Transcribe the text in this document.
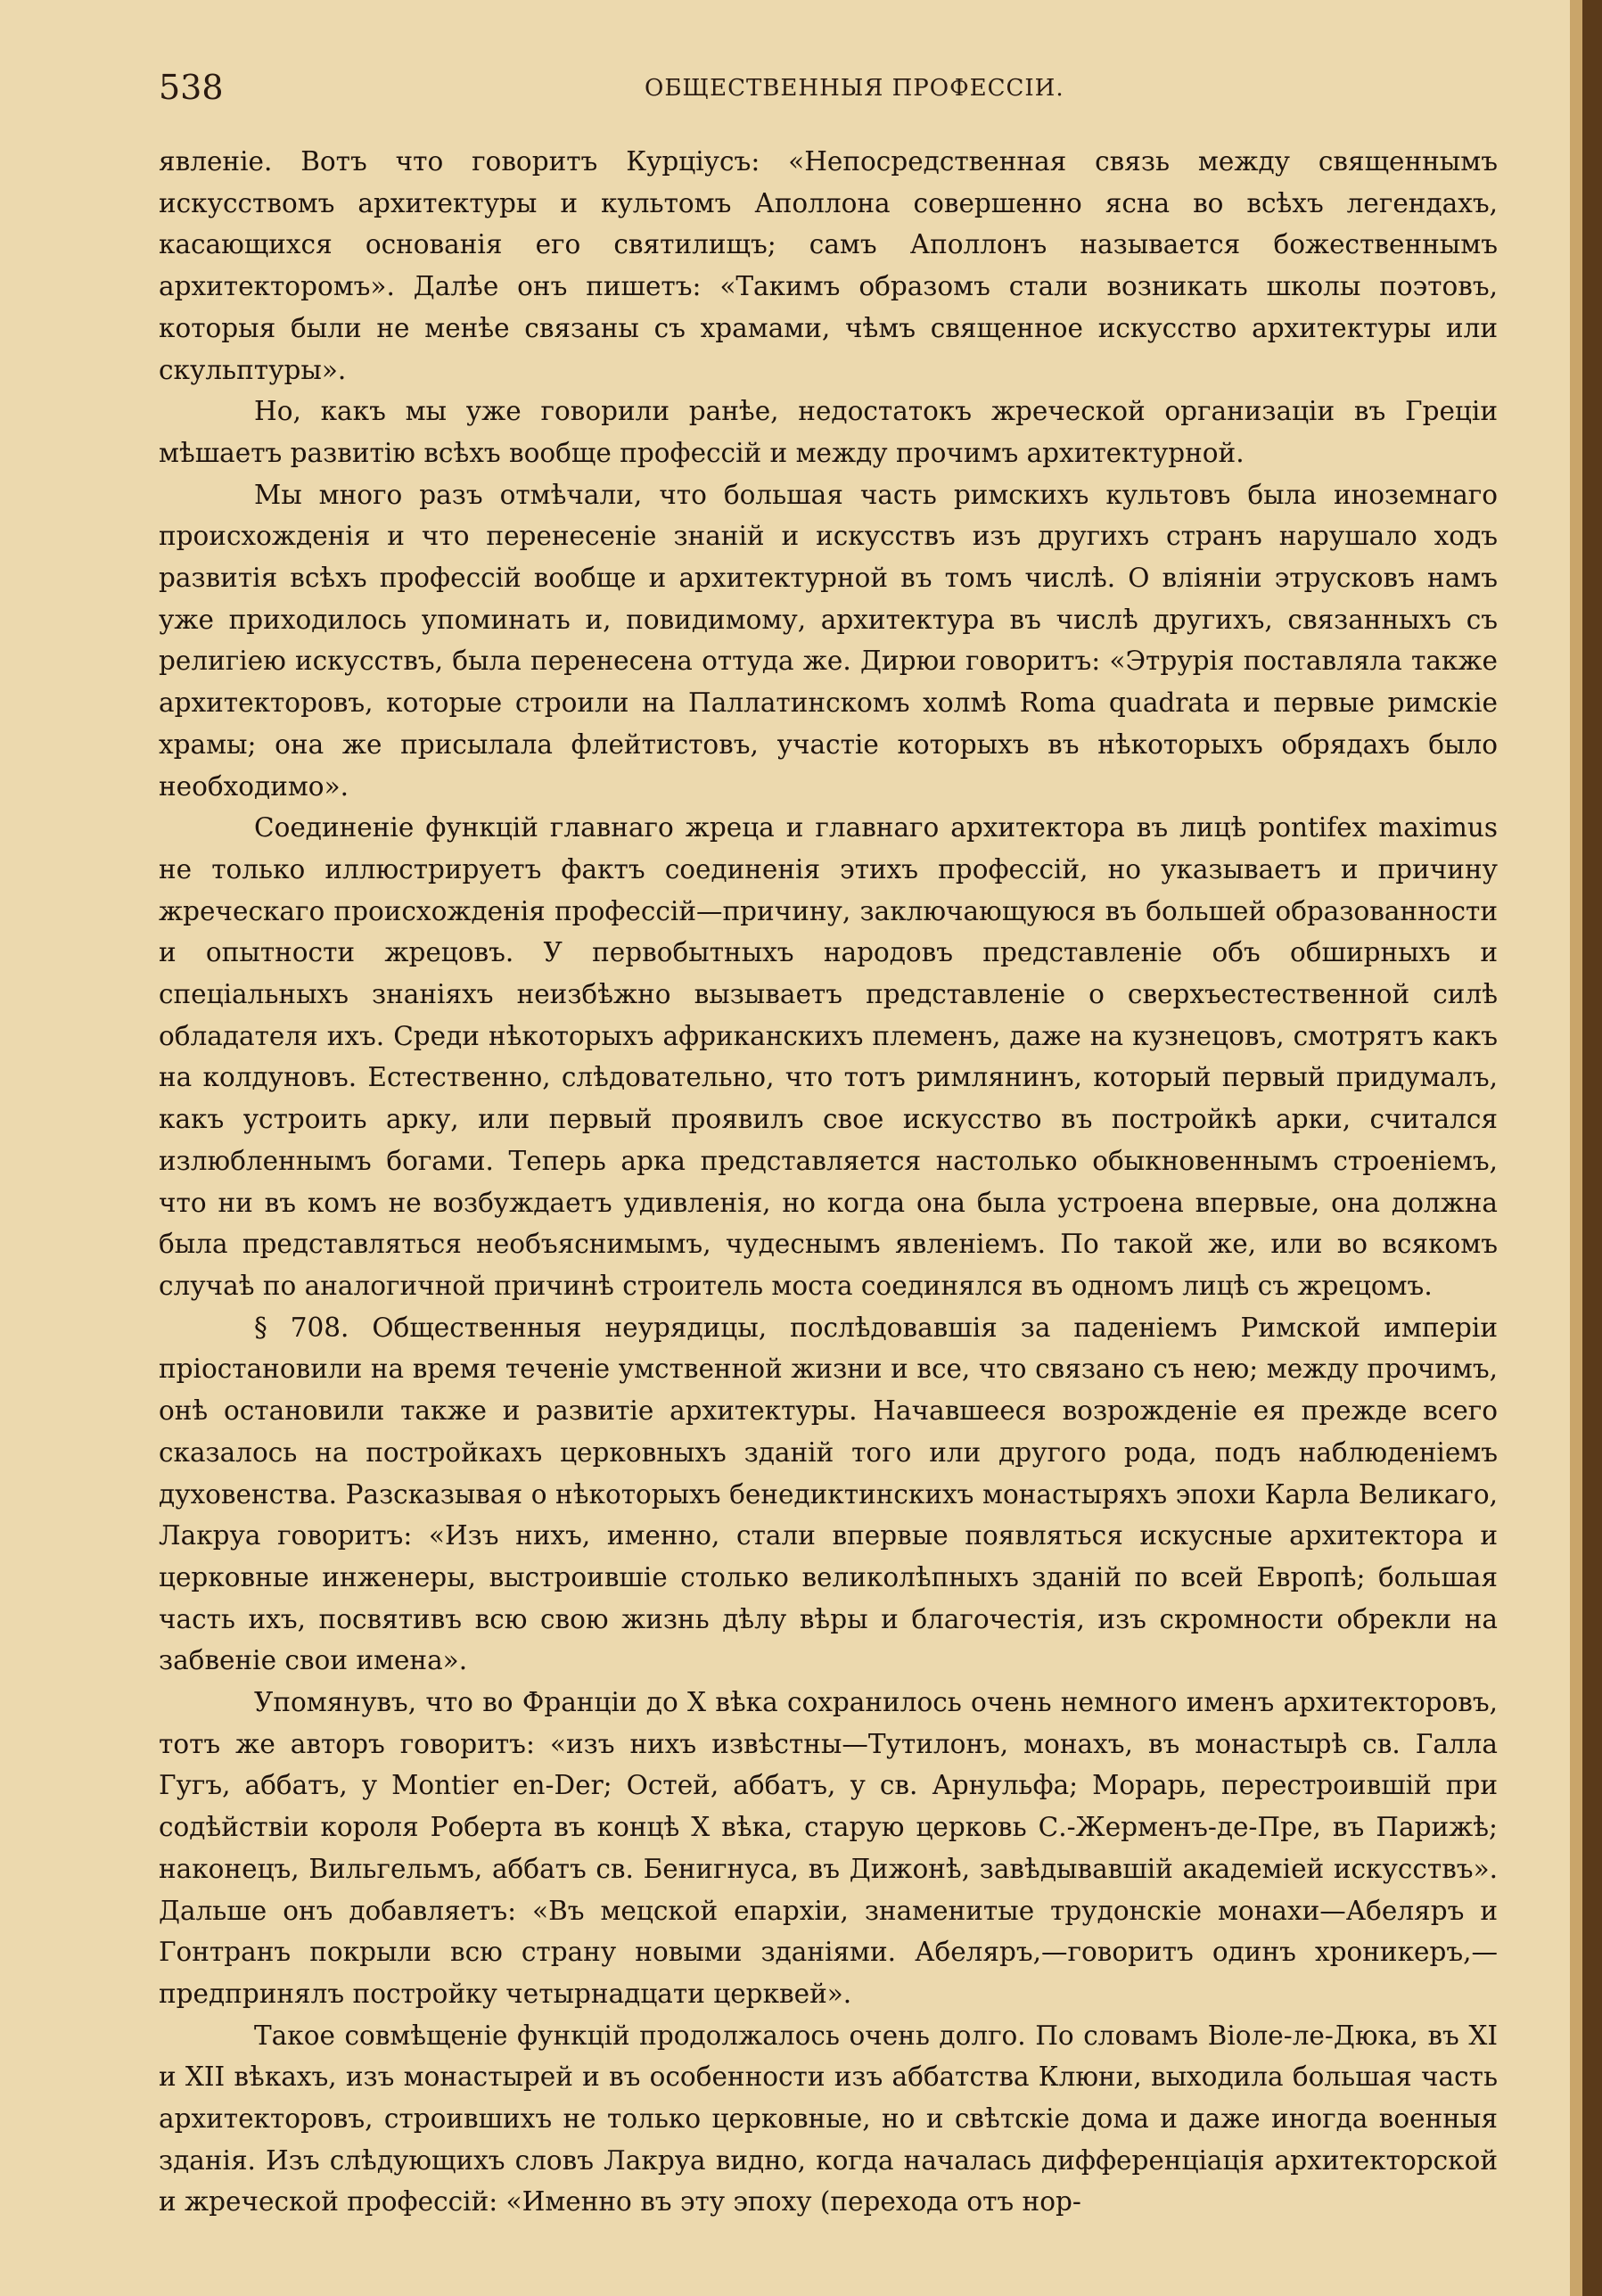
538	ОБЩЕСТВЕННЫЯ ПРОФЕССІИ.

явленіе. Вотъ что говоритъ Курціусъ: «Непосредственная связь между священнымъ искусствомъ архитектуры и культомъ Аполлона совершенно ясна во всѣхъ легендахъ, касающихся основанія его святилищъ; самъ Аполлонъ называется божественнымъ архитекторомъ». Далѣе онъ пишетъ: «Такимъ образомъ стали возникать школы поэтовъ, которыя были не менѣе связаны съ храмами, чѣмъ священное искусство архитектуры или скульптуры».

Но, какъ мы уже говорили ранѣе, недостатокъ жреческой организаціи въ Греціи мѣшаетъ развитію всѣхъ вообще профессій и между прочимъ архитектурной.

Мы много разъ отмѣчали, что большая часть римскихъ культовъ была иноземнаго происхожденія и что перенесеніе знаній и искусствъ изъ другихъ странъ нарушало ходъ развитія всѣхъ профессій вообще и архитектурной въ томъ числѣ. О вліяніи этрусковъ намъ уже приходилось упоминать и, повидимому, архитектура въ числѣ другихъ, связанныхъ съ религіею искусствъ, была перенесена оттуда же. Дирюи говоритъ: «Этрурія поставляла также архитекторовъ, которые строили на Паллатинскомъ холмѣ Roma quadrata и первые римскіе храмы; она же присылала флейтистовъ, участіе которыхъ въ нѣкоторыхъ обрядахъ было необходимо».

Соединеніе функцій главнаго жреца и главнаго архитектора въ лицѣ pontifex maximus не только иллюстрируетъ фактъ соединенія этихъ профессій, но указываетъ и причину жреческаго происхожденія профессій—причину, заключающуюся въ большей образованности и опытности жрецовъ. У первобытныхъ народовъ представленіе объ обширныхъ и спеціальныхъ знаніяхъ неизбѣжно вызываетъ представленіе о сверхъестественной силѣ обладателя ихъ. Среди нѣкоторыхъ африканскихъ племенъ, даже на кузнецовъ, смотрятъ какъ на колдуновъ. Естественно, слѣдовательно, что тотъ римлянинъ, который первый придумалъ, какъ устроить арку, или первый проявилъ свое искусство въ постройкѣ арки, считался излюбленнымъ богами. Теперь арка представляется настолько обыкновеннымъ строеніемъ, что ни въ комъ не возбуждаетъ удивленія, но когда она была устроена впервые, она должна была представляться необъяснимымъ, чудеснымъ явленіемъ. По такой же, или во всякомъ случаѣ по аналогичной причинѣ строитель моста соединялся въ одномъ лицѣ съ жрецомъ.

§ 708. Общественныя неурядицы, послѣдовавшія за паденіемъ Римской имперіи пріостановили на время теченіе умственной жизни и все, что связано съ нею; между прочимъ, онѣ остановили также и развитіе архитектуры. Начавшееся возрожденіе ея прежде всего сказалось на постройкахъ церковныхъ зданій того или другого рода, подъ наблюденіемъ духовенства. Разсказывая о нѣкоторыхъ бенедиктинскихъ монастыряхъ эпохи Карла Великаго, Лакруа говоритъ: «Изъ нихъ, именно, стали впервые появляться искусные архитектора и церковные инженеры, выстроившіе столько великолѣпныхъ зданій по всей Европѣ; большая часть ихъ, посвятивъ всю свою жизнь дѣлу вѣры и благочестія, изъ скромности обрекли на забвеніе свои имена».

Упомянувъ, что во Франціи до X вѣка сохранилось очень немного именъ архитекторовъ, тотъ же авторъ говоритъ: «изъ нихъ извѣстны—Тутилонъ, монахъ, въ монастырѣ св. Галла Гугъ, аббатъ, у Montier en-Der; Остей, аббатъ, у св. Арнульфа; Морарь, перестроившій при содѣйствіи короля Роберта въ концѣ X вѣка, старую церковь С.-Жерменъ-де-Пре, въ Парижѣ; наконецъ, Вильгельмъ, аббатъ св. Бенигнуса, въ Дижонѣ, завѣдывавшій академіей искусствъ». Дальше онъ добавляетъ: «Въ мецской епархіи, знаменитые трудонскіе монахи—Абеляръ и Гонтранъ покрыли всю страну новыми зданіями. Абеляръ,—говоритъ одинъ хроникеръ,—предпринялъ постройку четырнадцати церквей».

Такое совмѣщеніе функцій продолжалось очень долго. По словамъ Віоле-ле-Дюка, въ XI и XII вѣкахъ, изъ монастырей и въ особенности изъ аббатства Клюни, выходила большая часть архитекторовъ, строившихъ не только церковные, но и свѣтскіе дома и даже иногда военныя зданія. Изъ слѣдующихъ словъ Лакруа видно, когда началась дифференціація архитекторской и жреческой профессій: «Именно въ эту эпоху (перехода отъ нор-
